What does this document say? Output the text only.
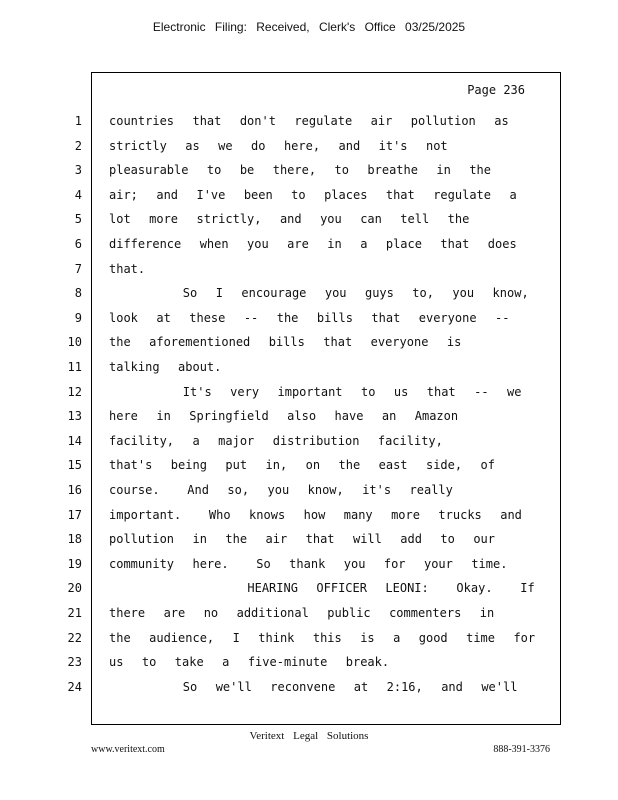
Electronic Filing: Received, Clerk's Office 03/25/2025
Page 236
1 countries  that  don't  regulate  air  pollution  as
2 strictly  as  we  do  here,  and  it's  not
3 pleasurable  to  be  there,  to  breathe  in  the
4 air;  and  I've  been  to  places  that  regulate  a
5 lot  more  strictly,  and  you  can  tell  the
6 difference  when  you  are  in  a  place  that  does
7 that.
8 So  I  encourage  you  guys  to,  you  know,
9 look  at  these  --  the  bills  that  everyone  --
10 the  aforementioned  bills  that  everyone  is
11 talking  about.
12 It's  very  important  to  us  that  --  we
13 here  in  Springfield  also  have  an  Amazon
14 facility,  a  major  distribution  facility,
15 that's  being  put  in,  on  the  east  side,  of
16 course.   And  so,  you  know,  it's  really
17 important.   Who  knows  how  many  more  trucks  and
18 pollution  in  the  air  that  will  add  to  our
19 community  here.   So  thank  you  for  your  time.
20 HEARING  OFFICER  LEONI:   Okay.   If
21 there  are  no  additional  public  commenters  in
22 the  audience,  I  think  this  is  a  good  time  for
23 us  to  take  a  five-minute  break.
24 So  we'll  reconvene  at  2:16,  and  we'll
Veritext Legal Solutions
www.veritext.com	888-391-3376
